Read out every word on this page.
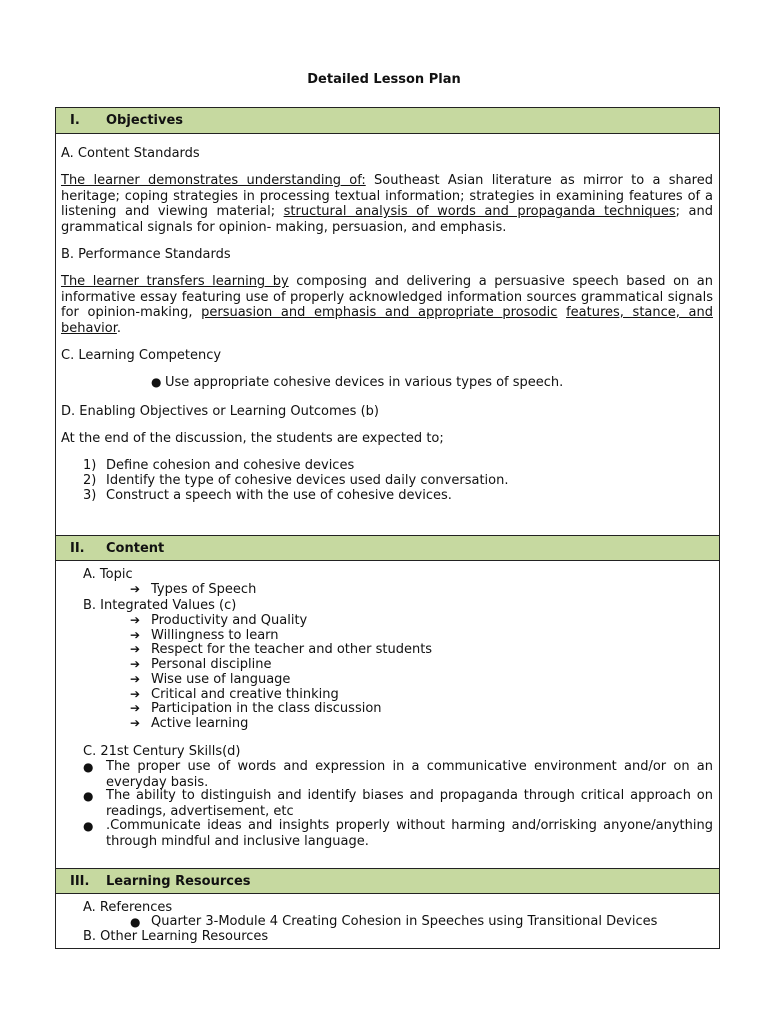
Detailed Lesson Plan
I. Objectives
A. Content Standards
The learner demonstrates understanding of: Southeast Asian literature as mirror to a shared heritage; coping strategies in processing textual information; strategies in examining features of a listening and viewing material; structural analysis of words and propaganda techniques; and grammatical signals for opinion- making, persuasion, and emphasis.
B. Performance Standards
The learner transfers learning by composing and delivering a persuasive speech based on an informative essay featuring use of properly acknowledged information sources grammatical signals for opinion-making, persuasion and emphasis and appropriate prosodic features, stance, and behavior.
C. Learning Competency
● Use appropriate cohesive devices in various types of speech.
D. Enabling Objectives or Learning Outcomes (b)
At the end of the discussion, the students are expected to;
1) Define cohesion and cohesive devices
2) Identify the type of cohesive devices used daily conversation.
3) Construct a speech with the use of cohesive devices.
II. Content
A. Topic
➔ Types of Speech
B. Integrated Values (c)
➔ Productivity and Quality
➔ Willingness to learn
➔ Respect for the teacher and other students
➔ Personal discipline
➔ Wise use of language
➔ Critical and creative thinking
➔ Participation in the class discussion
➔ Active learning
C. 21st Century Skills(d)
● The proper use of words and expression in a communicative environment and/or on an everyday basis.
● The ability to distinguish and identify biases and propaganda through critical approach on readings, advertisement, etc
● .Communicate ideas and insights properly without harming and/orrisking anyone/anything through mindful and inclusive language.
III. Learning Resources
A. References
● Quarter 3-Module 4 Creating Cohesion in Speeches using Transitional Devices
B. Other Learning Resources
